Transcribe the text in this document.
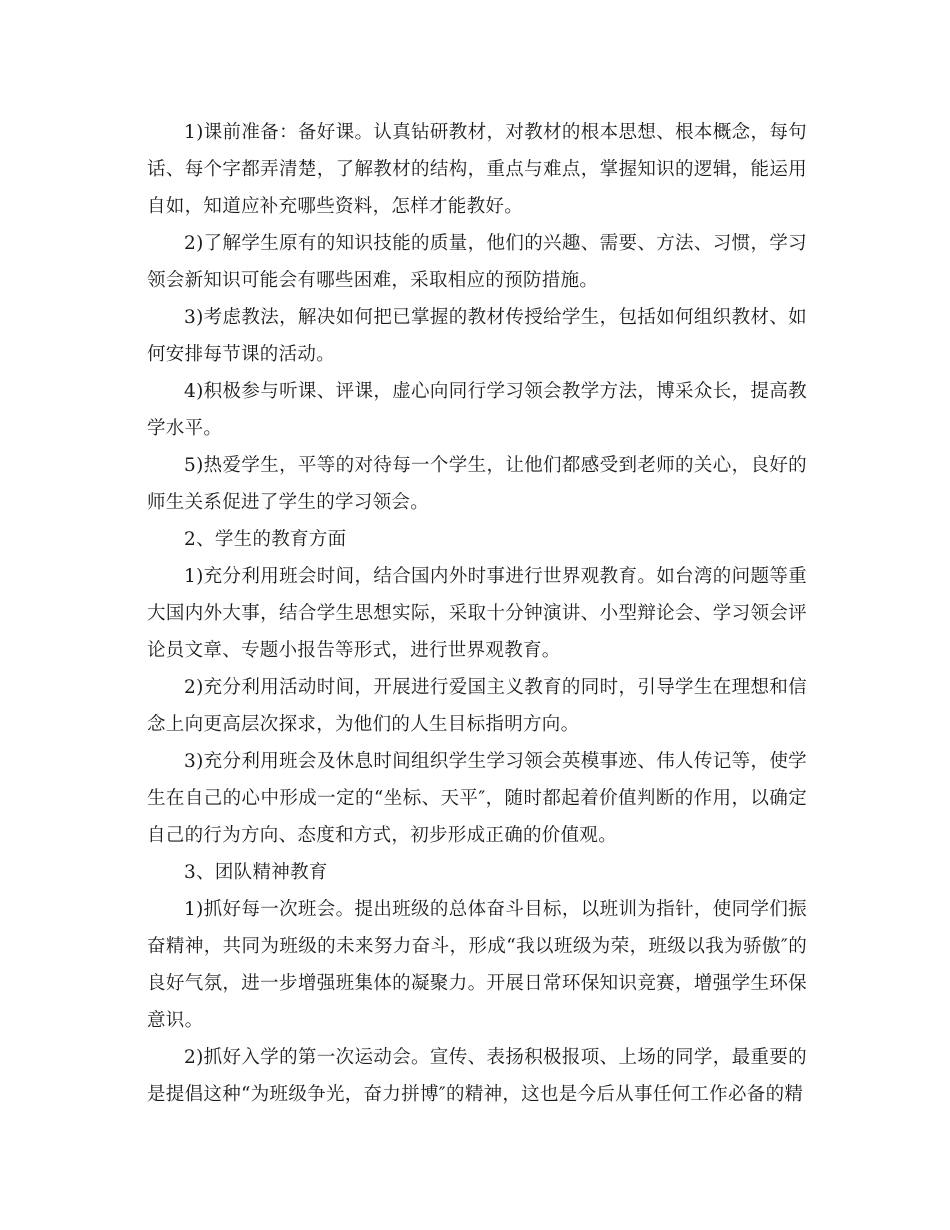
1)课前准备：备好课。认真钻研教材，对教材的根本思想、根本概念，每句话、每个字都弄清楚，了解教材的结构，重点与难点，掌握知识的逻辑，能运用自如，知道应补充哪些资料，怎样才能教好。

2)了解学生原有的知识技能的质量，他们的兴趣、需要、方法、习惯，学习领会新知识可能会有哪些困难，采取相应的预防措施。

3)考虑教法，解决如何把已掌握的教材传授给学生，包括如何组织教材、如何安排每节课的活动。

4)积极参与听课、评课，虚心向同行学习领会教学方法，博采众长，提高教学水平。

5)热爱学生，平等的对待每一个学生，让他们都感受到老师的关心，良好的师生关系促进了学生的学习领会。

2、学生的教育方面

1)充分利用班会时间，结合国内外时事进行世界观教育。如台湾的问题等重大国内外大事，结合学生思想实际，采取十分钟演讲、小型辩论会、学习领会评论员文章、专题小报告等形式，进行世界观教育。

2)充分利用活动时间，开展进行爱国主义教育的同时，引导学生在理想和信念上向更高层次探求，为他们的人生目标指明方向。

3)充分利用班会及休息时间组织学生学习领会英模事迹、伟人传记等，使学生在自己的心中形成一定的“坐标、天平″，随时都起着价值判断的作用，以确定自己的行为方向、态度和方式，初步形成正确的价值观。

3、团队精神教育

1)抓好每一次班会。提出班级的总体奋斗目标，以班训为指针，使同学们振奋精神，共同为班级的未来努力奋斗，形成“我以班级为荣，班级以我为骄傲″的良好气氛，进一步增强班集体的凝聚力。开展日常环保知识竞赛，增强学生环保意识。

2)抓好入学的第一次运动会。宣传、表扬积极报项、上场的同学，最重要的是提倡这种“为班级争光，奋力拼博″的精神，这也是今后从事任何工作必备的精
